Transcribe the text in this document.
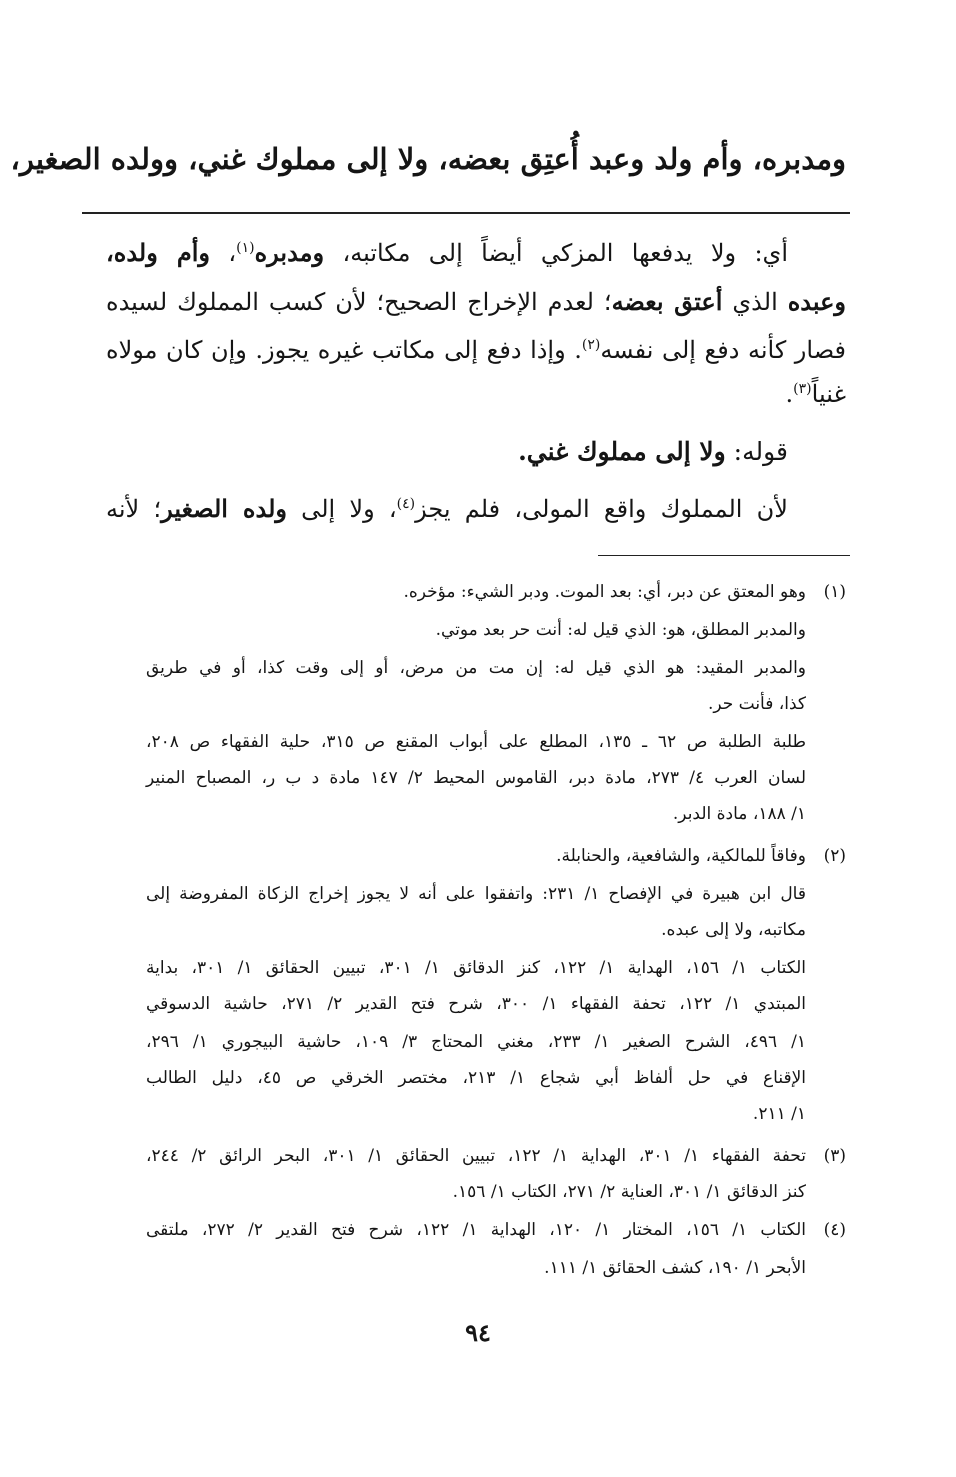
ومدبره، وأم ولد وعبد أُعتِق بعضه، ولا إلى مملوك غني، وولده الصغير،
أي: ولا يدفعها المزكي أيضاً إلى مكاتبه، ومدبره$^{(١)}$، وأم ولده،
وعبده الذي أعتق بعضه؛ لعدم الإخراج الصحيح؛ لأن كسب المملوك لسيده
فصار كأنه دفع إلى نفسه$^{(٢)}$. وإذا دفع إلى مكاتب غيره يجوز. وإن كان مولاه
غنياً$^{(٣)}$.
قوله: ولا إلى مملوك غني.
لأن المملوك واقع المولى، فلم يجز$^{(٤)}$، ولا إلى ولده الصغير؛ لأنه
(١)
وهو المعتق عن دبر، أي: بعد الموت. ودبر الشيء: مؤخره.
والمدبر المطلق، هو: الذي قيل له: أنت حر بعد موتي.
والمدبر المقيد: هو الذي قيل له: إن مت من مرض، أو إلى وقت كذا، أو في طريق
كذا، فأنت حر.
طلبة الطلبة ص ٦٢ ـ ١٣٥، المطلع على أبواب المقنع ص ٣١٥، حلية الفقهاء ص ٢٠٨،
لسان العرب ٤/ ٢٧٣، مادة دبر، القاموس المحيط ٢/ ١٤٧ مادة د ب ر، المصباح المنير
١/ ١٨٨، مادة الدبر.
(٢)
وفاقاً للمالكية، والشافعية، والحنابلة.
قال ابن هبيرة في الإفصاح ١/ ٢٣١: واتفقوا على أنه لا يجوز إخراج الزكاة المفروضة إلى
مكاتبه، ولا إلى عبده.
الكتاب ١/ ١٥٦، الهداية ١/ ١٢٢، كنز الدقائق ١/ ٣٠١، تبيين الحقائق ١/ ٣٠١، بداية
المبتدي ١/ ١٢٢، تحفة الفقهاء ١/ ٣٠٠، شرح فتح القدير ٢/ ٢٧١، حاشية الدسوقي
١/ ٤٩٦، الشرح الصغير ١/ ٢٣٣، مغني المحتاج ٣/ ١٠٩، حاشية البيجوري ١/ ٢٩٦،
الإقناع في حل ألفاظ أبي شجاع ١/ ٢١٣، مختصر الخرقي ص ٤٥، دليل الطالب
١/ ٢١١.
(٣)
تحفة الفقهاء ١/ ٣٠١، الهداية ١/ ١٢٢، تبيين الحقائق ١/ ٣٠١، البحر الرائق ٢/ ٢٤٤،
كنز الدقائق ١/ ٣٠١، العناية ٢/ ٢٧١، الكتاب ١/ ١٥٦.
(٤)
الكتاب ١/ ١٥٦، المختار ١/ ١٢٠، الهداية ١/ ١٢٢، شرح فتح القدير ٢/ ٢٧٢، ملتقى
الأبحر ١/ ١٩٠، كشف الحقائق ١/ ١١١.
٩٤
